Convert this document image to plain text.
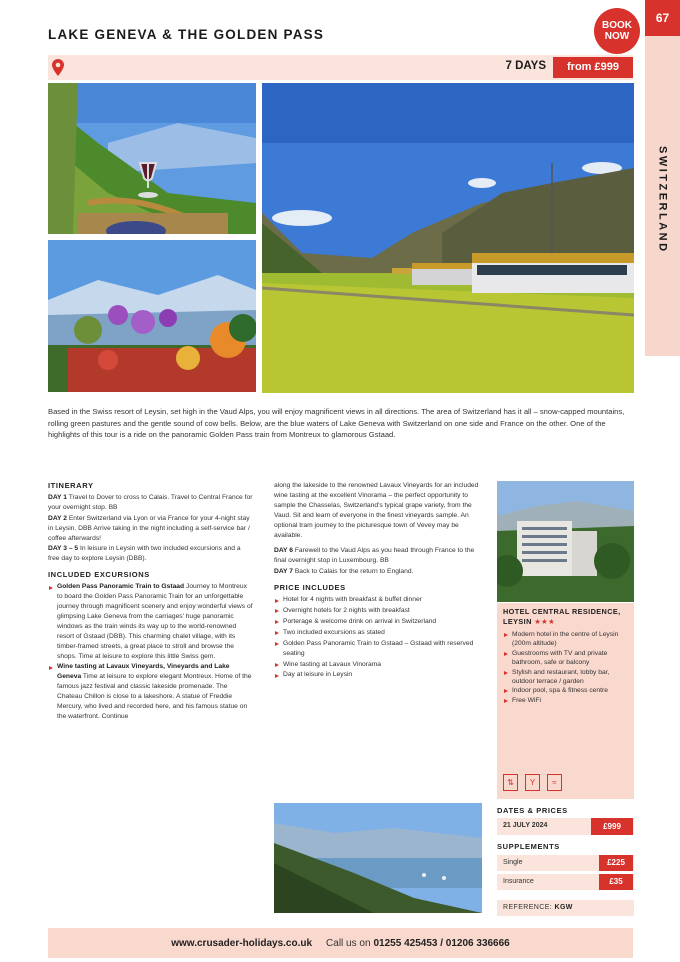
LAKE GENEVA & THE GOLDEN PASS
BOOK
NOW
67
SWITZERLAND
7 DAYS	from £999
Based in the Swiss resort of Leysin, set high in the Vaud Alps, you will enjoy magnificent views in all directions. The area of Switzerland has it all – snow-capped mountains, rolling green pastures and the gentle sound of cow bells. Below, are the blue waters of Lake Geneva with Switzerland on one side and France on the other. One of the highlights of this tour is a ride on the panoramic Golden Pass train from Montreux to glamorous Gstaad.
ITINERARY

DAY 1 Travel to Dover to cross to Calais. Travel to Central France for your overnight stop. BB

DAY 2 Enter Switzerland via Lyon or via France for your 4-night stay in Leysin. DBB Arrive taking in the night including a self-service bar / coffee afterwards!

DAY 3 – 5 In leisure in Leysin with two included excursions and a free day to explore Leysin (DBB).

INCLUDED EXCURSIONS
Golden Pass Panoramic Train to Gstaad Journey to Montreux to board the Golden Pass Panoramic Train for an unforgettable journey through magnificent scenery and enjoy wonderful views of glimpsing Lake Geneva from the carriages' huge panoramic windows as the train winds its way up to the world-renowned resort of Gstaad (DBB). This charming chalet village, with its timber-framed streets, a great place to stroll and browse the shops. Time at leisure to explore this little Swiss gem.
Wine tasting at Lavaux Vineyards, Vineyards and Lake Geneva Time at leisure to explore elegant Montreux. Home of the famous jazz festival and classic lakeside promenade. The Chateau Chillon is close to a lakeshore. A statue of Freddie Mercury, who lived and recorded here, and his famous statue on the waterfront. Continue

along the lakeside to the renowned Lavaux Vineyards for an included wine tasting at the excellent Vinorama – the perfect opportunity to sample the Chasselas, Switzerland's typical grape variety, from the Vaud. Sit and learn of everyone in the finest vineyards sample. An optional tram journey to the picturesque town of Vevey may be available.

DAY 6 Farewell to the Vaud Alps as you head through France to the final overnight stop in Luxembourg. BB

DAY 7 Back to Calais for the return to England.

PRICE INCLUDES
Hotel for 4 nights with breakfast & buffet dinner
Overnight hotels for 2 nights with breakfast
Porterage & welcome drink on arrival in Switzerland
Two included excursions as stated
Golden Pass Panoramic Train to Gstaad – Gstaad with reserved seating
Wine tasting at Lavaux Vinorama
Day at leisure in Leysin
HOTEL CENTRAL RESIDENCE, LEYSIN ★★★
Modern hotel in the centre of Leysin (200m altitude)
Guestrooms with TV and private bathroom, safe or balcony
Stylish and restaurant, lobby bar, outdoor terrace / garden
Indoor pool, spa & fitness centre
Free WiFi
⇅	Y	≈
DATES & PRICES
21 JULY 2024	£999
SUPPLEMENTS
Single	£225
Insurance	£35
REFERENCE: KGW
www.crusader-holidays.co.uk Call us on 01255 425453 / 01206 336666
